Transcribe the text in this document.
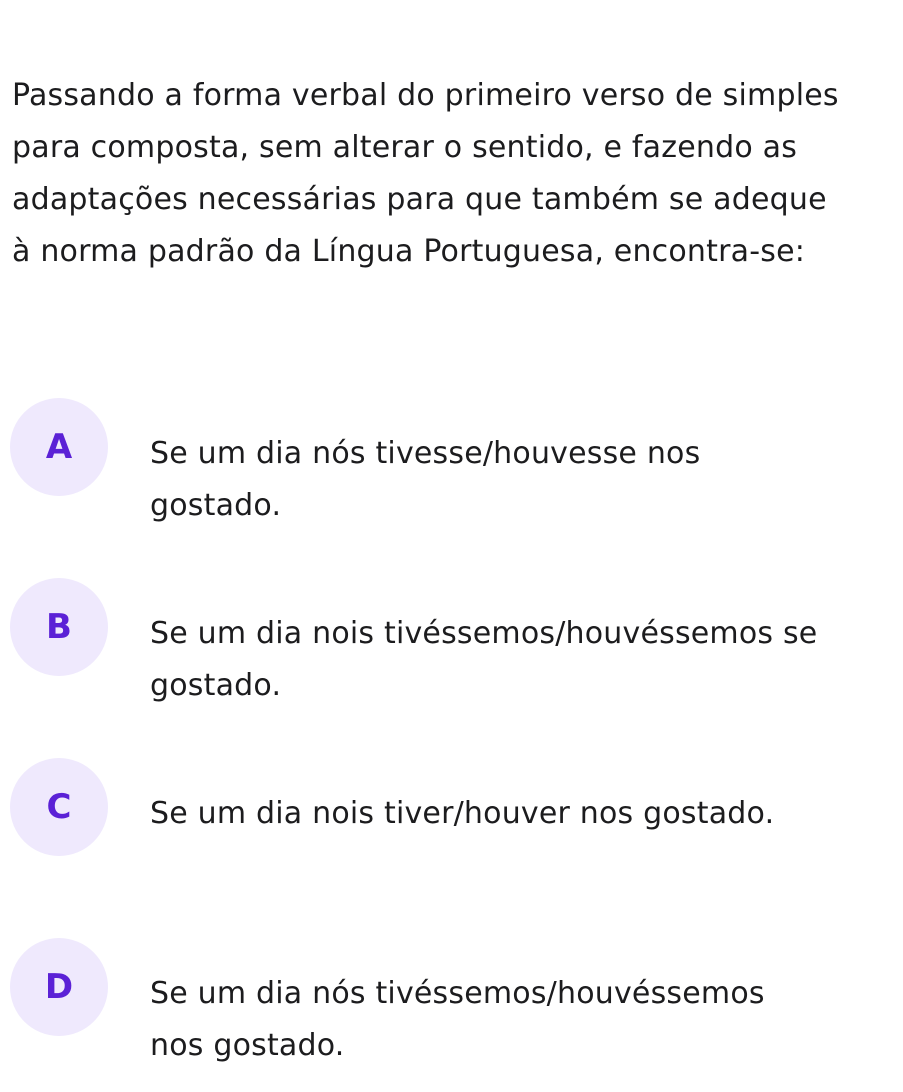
Passando a forma verbal do primeiro verso de simples para composta, sem alterar o sentido, e fazendo as adaptações necessárias para que também se adeque à norma padrão da Língua Portuguesa, encontra-se:

A	Se um dia nós tivesse/houvesse nos
gostado.
B	Se um dia nois tivéssemos/houvéssemos se
gostado.
C	Se um dia nois tiver/houver nos gostado.
D	Se um dia nós tivéssemos/houvéssemos
nos gostado.
